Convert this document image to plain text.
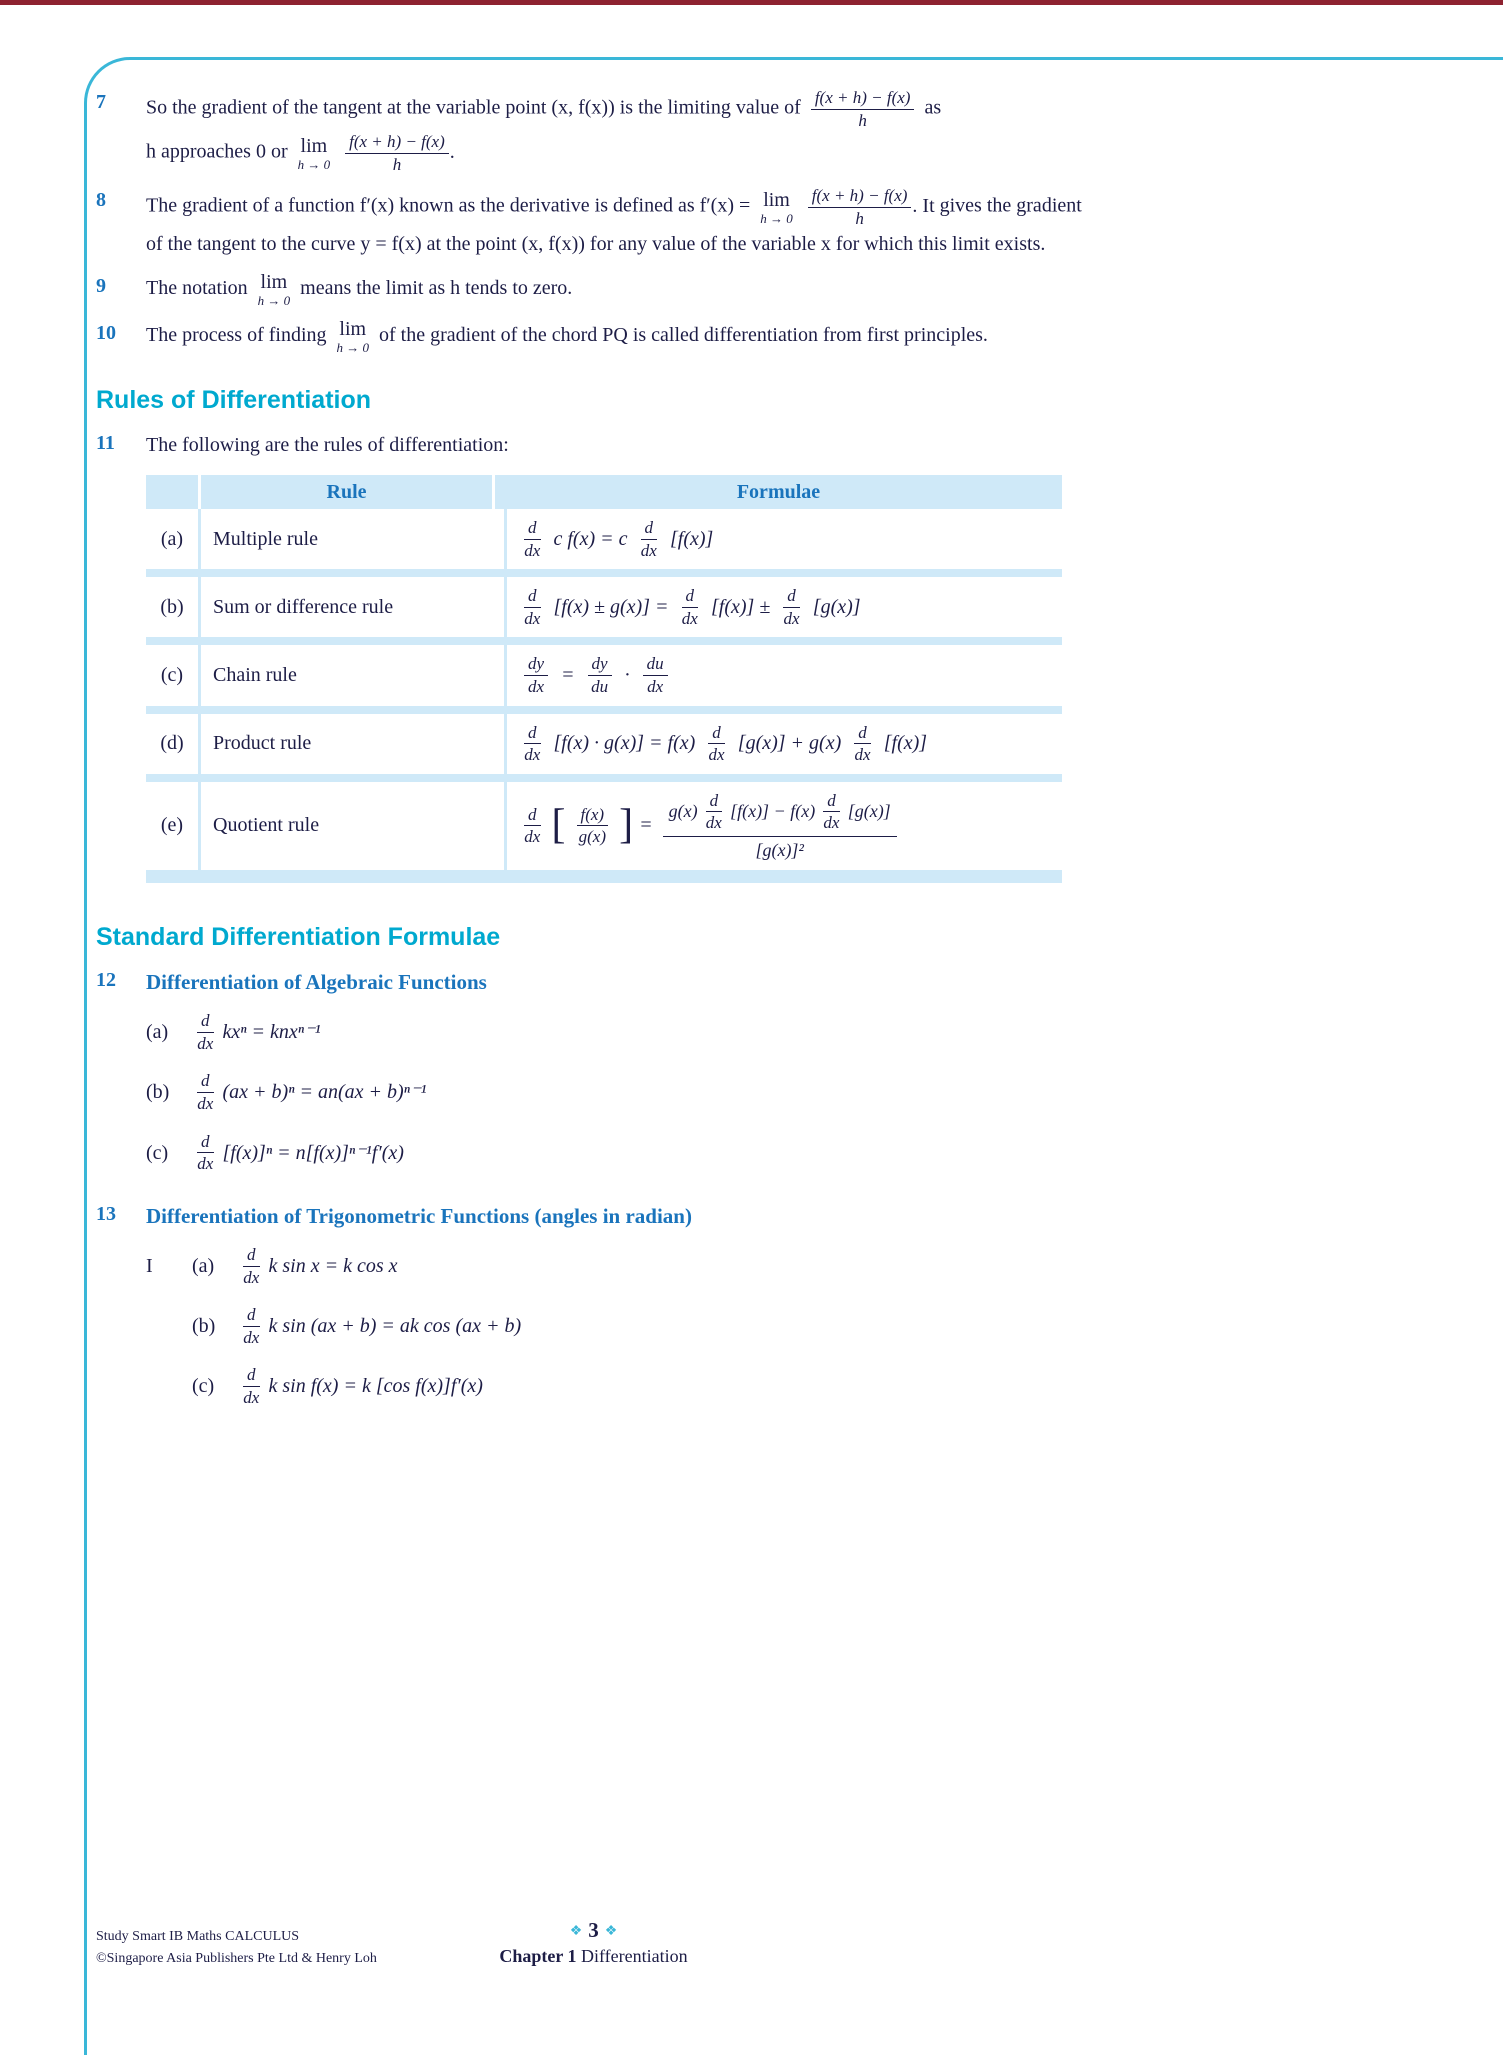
7	So the gradient of the tangent at the variable point (x, f(x)) is the limiting value of $\frac{f(x + h) - f(x)}{h}$ as

h approaches 0 or lim
h → 0
$\frac{f(x + h) - f(x)}{h}$ .

8	The gradient of a function f′(x) known as the derivative is defined as f′(x) = lim
h → 0
$\frac{f(x + h) - f(x)}{h}$ . It gives the gradient of the tangent to the curve y = f(x) at the point (x, f(x)) for any value of the variable x for which this limit exists.

9	The notation lim
h → 0
means the limit as h tends to zero.

10	The process of finding lim
h → 0
of the gradient of the chord PQ is called differentiation from first principles.

Rules of Differentiation
11	The following are the rules of differentiation:

Rule	Formulae
(a)	Multiple rule	$\frac{d}{dx}$ c f(x) = c $\frac{d}{dx} [f(x)]$
(b)	Sum or difference rule	$\frac{d}{dx} [f(x) \pm g(x)] = \frac{d}{dx} [f(x)] \pm \frac{d}{dx} [g(x)]$
(c)	Chain rule	$\frac{dy}{dx} = \frac{dy}{du} \cdot \frac{du}{dx}$
(d)	Product rule	$\frac{d}{dx} [f(x) \cdot g(x)] = f(x) \frac{d}{dx} [g(x)] + g(x) \frac{d}{dx} [f(x)]$
(e)	Quotient rule	$\frac{d}{dx}$ [ $\frac{f(x)}{g(x)}$ ] =
$g(x) \frac{d}{dx} [f(x)] - f(x) \frac{d}{dx} [g(x)]$
[g(x)]²
Standard Differentiation Formulae
12	Differentiation of Algebraic Functions
(a)	$\frac{d}{dx}$ kxⁿ = knxⁿ⁻¹
(b)	$\frac{d}{dx} (ax + b)^n = an(ax + b)^{n-1}$
(c)	$\frac{d}{dx} [f(x)]^n = n[f(x)]^{n-1}f'(x)$
13	Differentiation of Trigonometric Functions (angles in radian)
I	(a)	$\frac{d}{dx}$ k sin x = k cos x
(b)	$\frac{d}{dx}$ k sin (ax + b) = ak cos (ax + b)
(c)	$\frac{d}{dx}$ k sin f(x) = k [cos f(x)]f′(x)
Study Smart IB Maths CALCULUS
©Singapore Asia Publishers Pte Ltd & Henry Loh
❖ 3 ❖
Chapter 1 Differentiation
